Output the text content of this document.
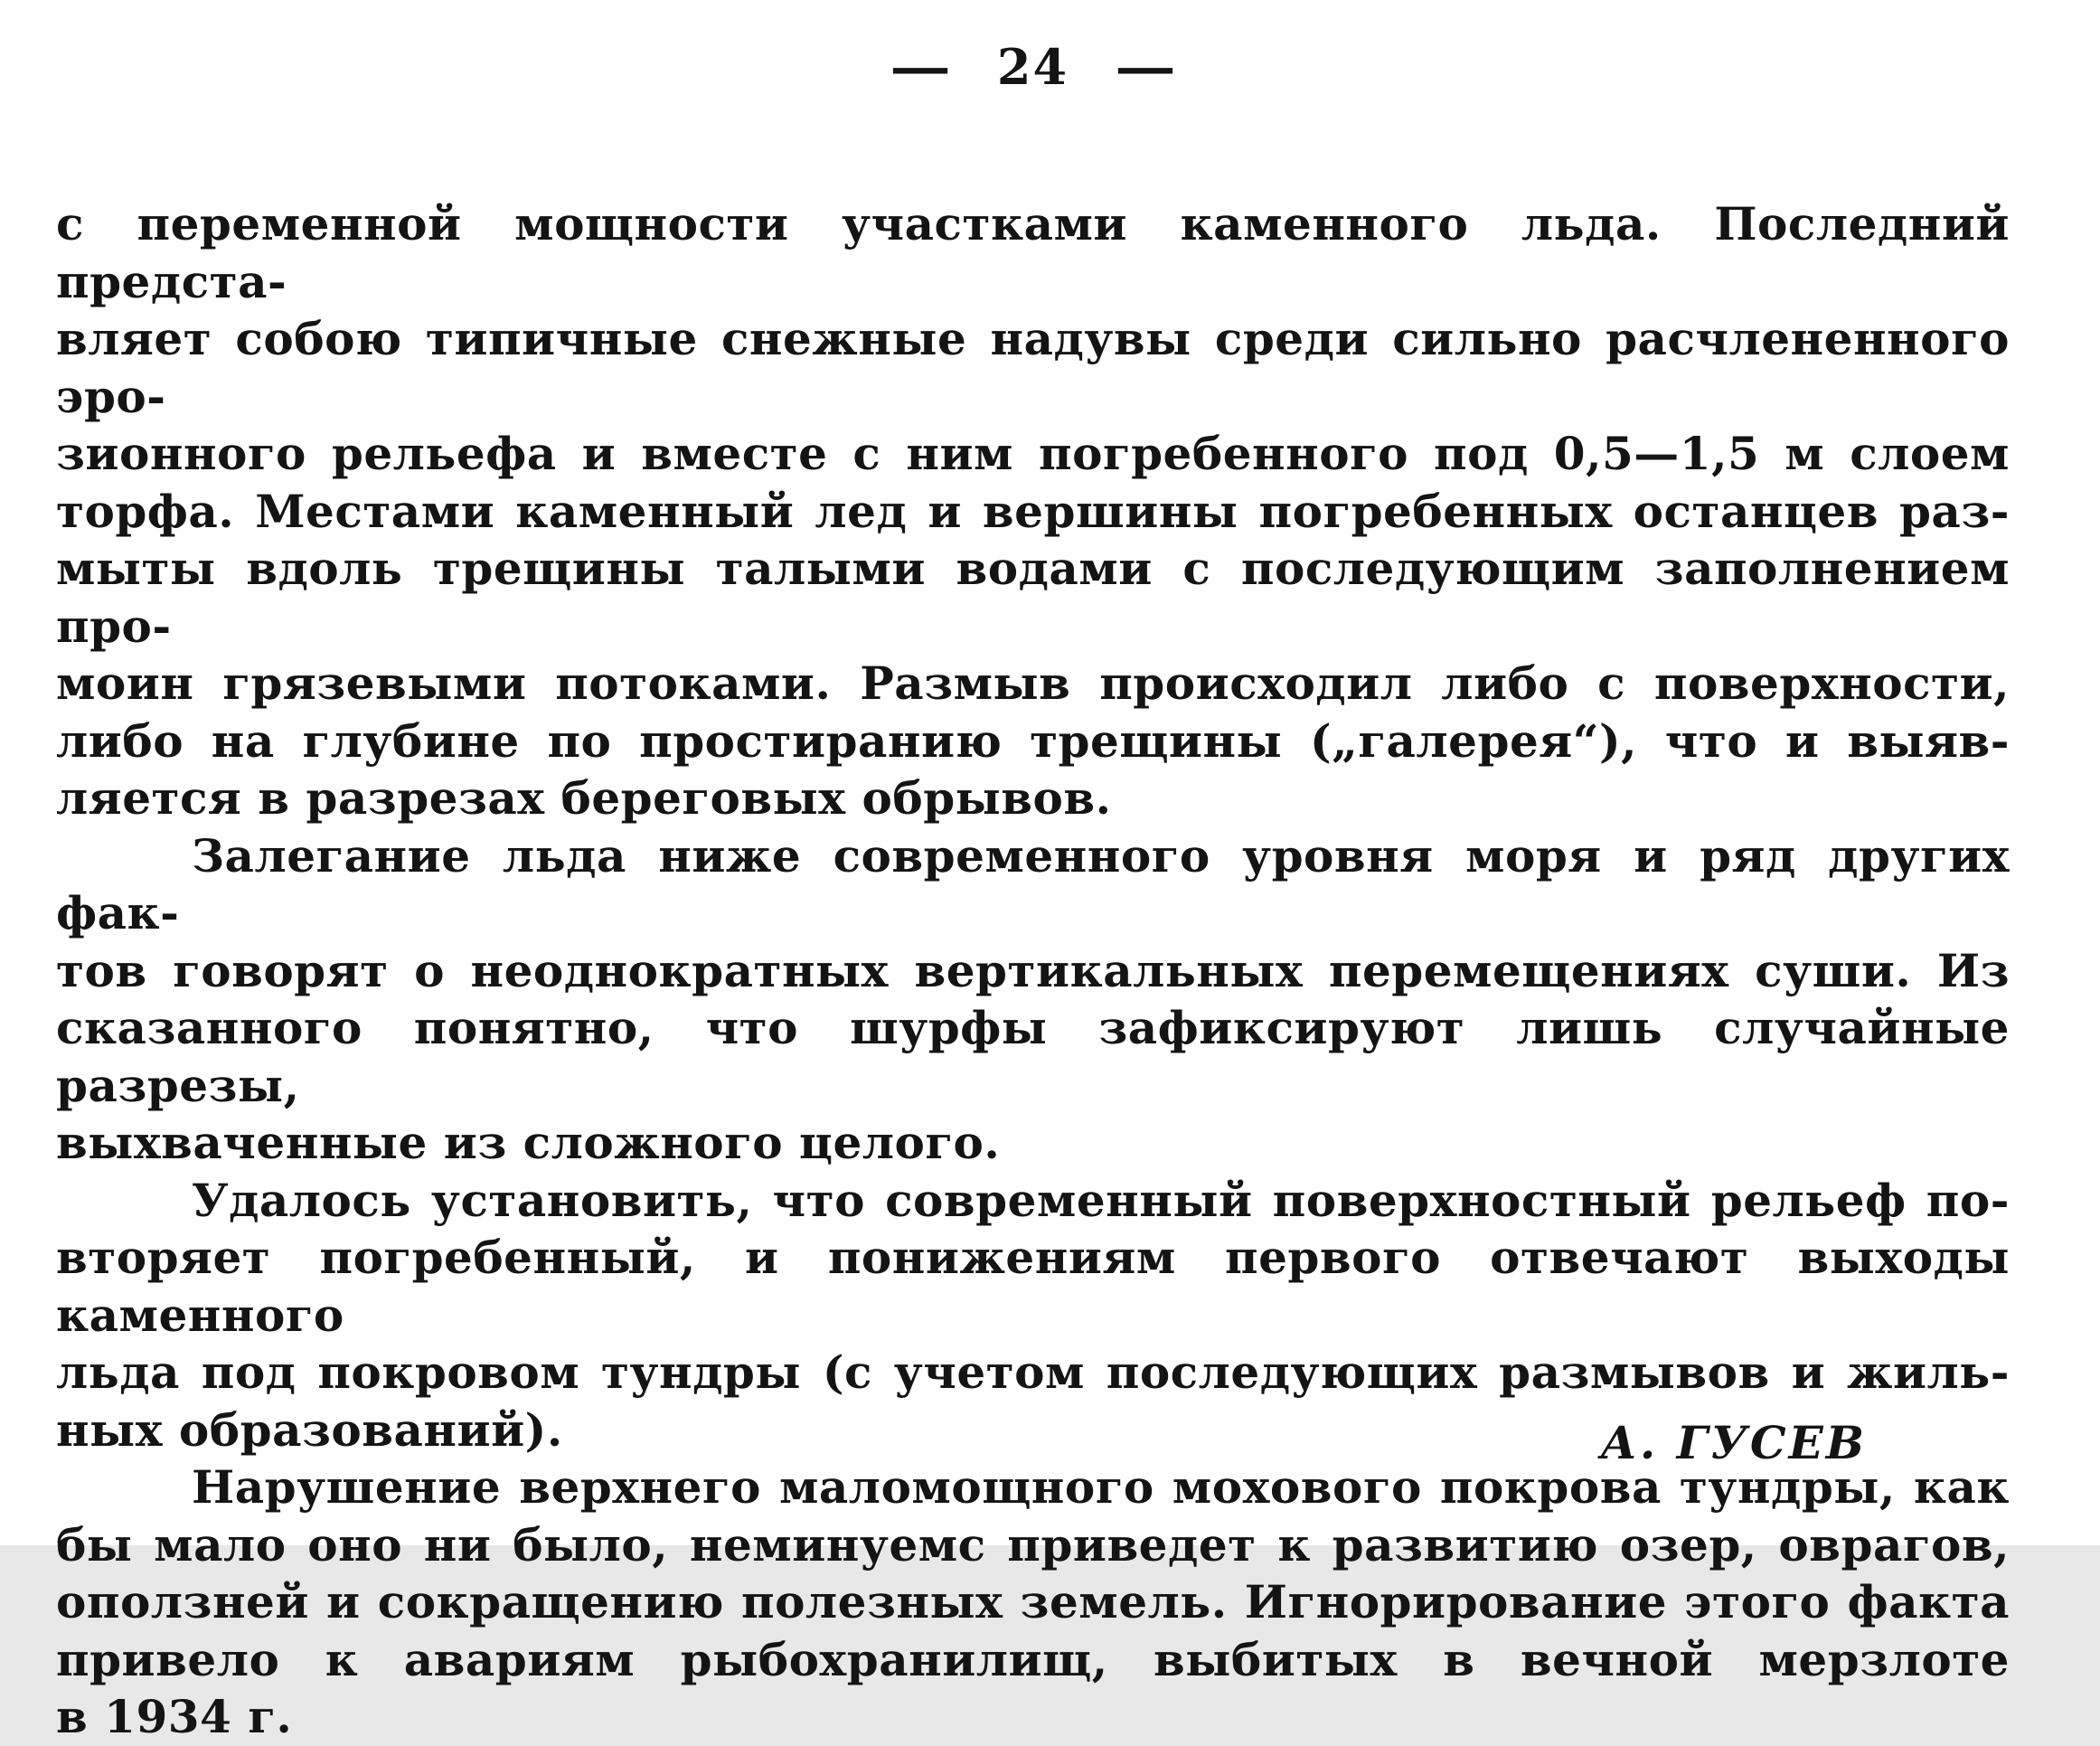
— 24 —
с переменной мощности участками каменного льда. Последний предста-
вляет собою типичные снежные надувы среди сильно расчлененного эро-
зионного рельефа и вместе с ним погребенного под 0,5—1,5 м слоем
торфа. Местами каменный лед и вершины погребенных останцев раз-
мыты вдоль трещины талыми водами с последующим заполнением про-
моин грязевыми потоками. Размыв происходил либо с поверхности,
либо на глубине по простиранию трещины („галерея“), что и выяв-
ляется в разрезах береговых обрывов.
Залегание льда ниже современного уровня моря и ряд других фак-
тов говорят о неоднократных вертикальных перемещениях суши. Из
сказанного понятно, что шурфы зафиксируют лишь случайные разрезы,
выхваченные из сложного целого.
Удалось установить, что современный поверхностный рельеф по-
вторяет погребенный, и понижениям первого отвечают выходы каменного
льда под покровом тундры (с учетом последующих размывов и жиль-
ных образований).
Нарушение верхнего маломощного мохового покрова тундры, как
бы мало оно ни было, неминуемс приведет к развитию озер, оврагов,
оползней и сокращению полезных земель. Игнорирование этого факта
привело к авариям рыбохранилищ, выбитых в вечной мерзлоте
в 1934 г.
А. ГУСЕВ
